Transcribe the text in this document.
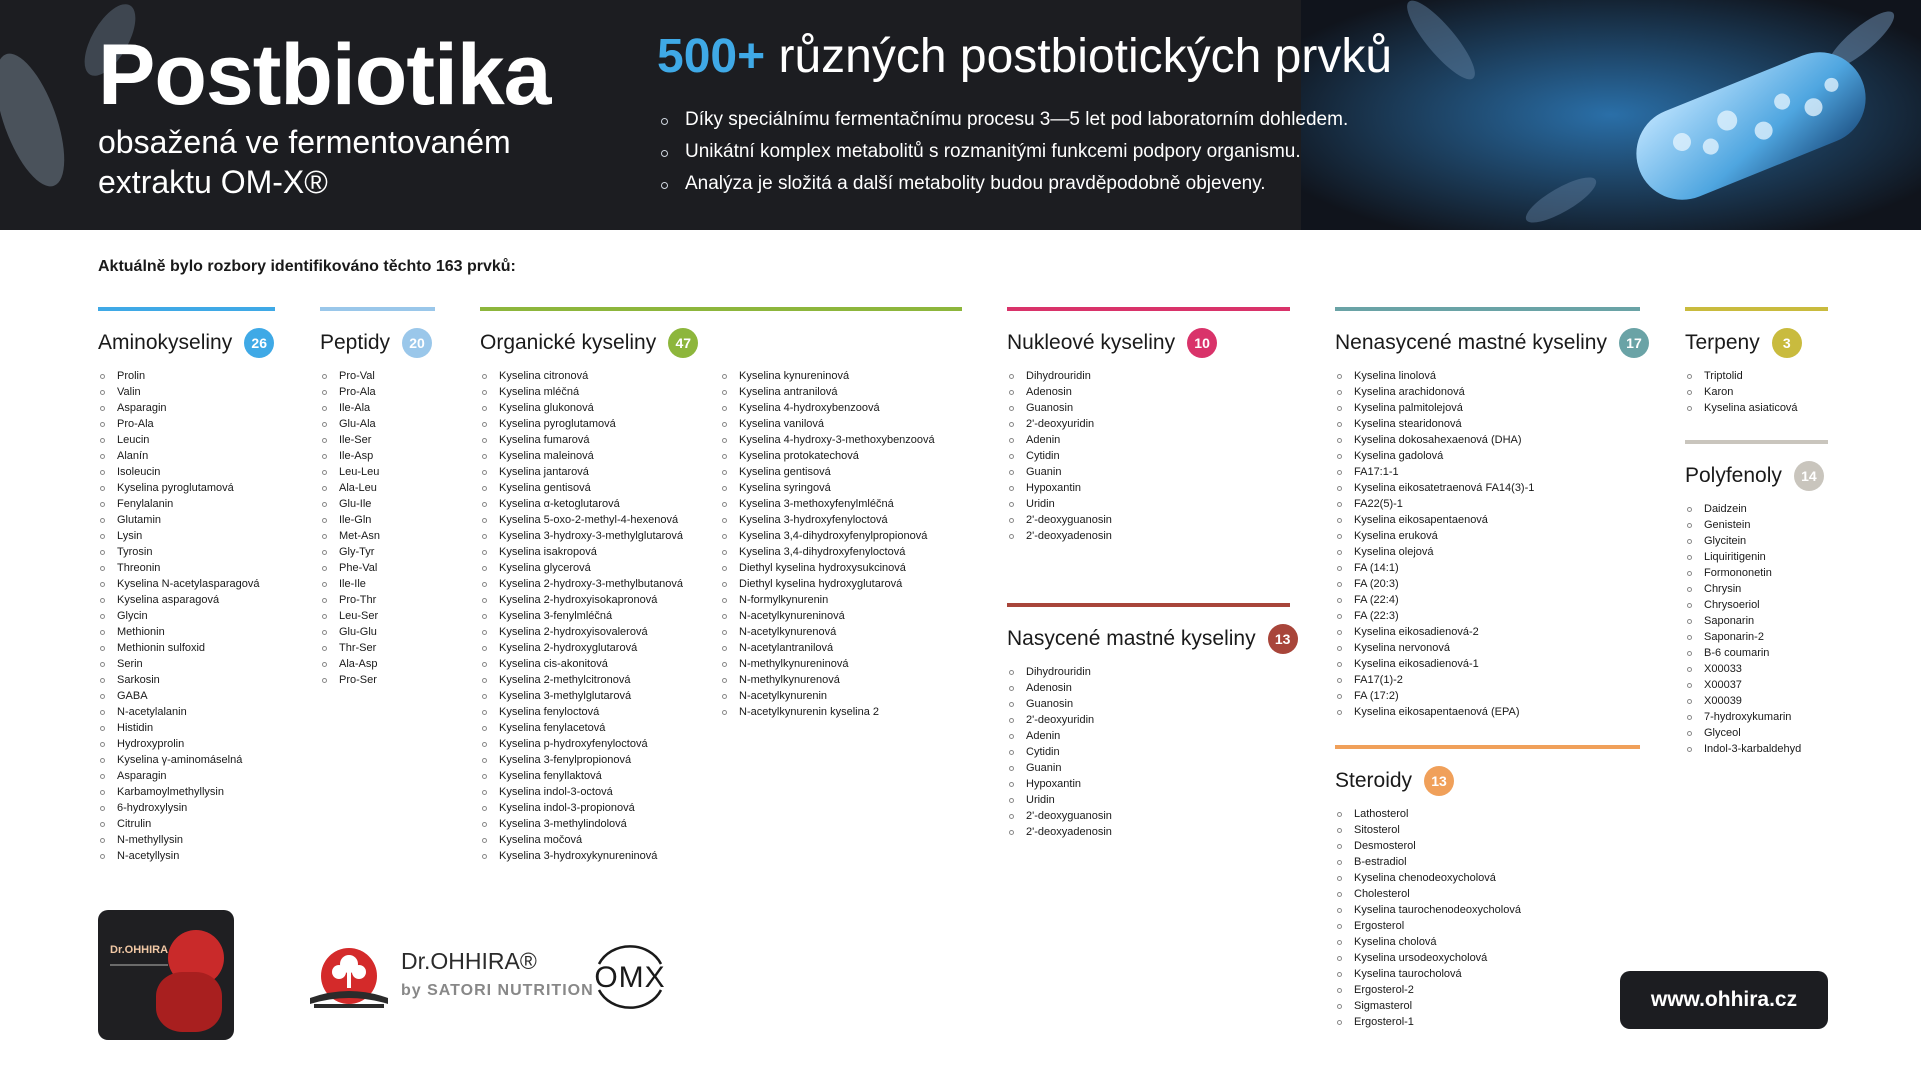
Postbiotika
obsažená ve fermentovaném extraktu OM-X®
500+ různých postbiotických prvků
Díky speciálnímu fermentačnímu procesu 3—5 let pod laboratorním dohledem.
Unikátní komplex metabolitů s rozmanitými funkcemi podpory organismu.
Analýza je složitá a další metabolity budou pravděpodobně objeveny.
Aktuálně bylo rozbory identifikováno těchto 163 prvků:
Aminokyseliny	26
Prolin
Valin
Asparagin
Pro-Ala
Leucin
Alanín
Isoleucin
Kyselina pyroglutamová
Fenylalanin
Glutamin
Lysin
Tyrosin
Threonin
Kyselina N-acetylasparagová
Kyselina asparagová
Glycin
Methionin
Methionin sulfoxid
Serin
Sarkosin
GABA
N-acetylalanin
Histidin
Hydroxyprolin
Kyselina γ-aminomáselná
Asparagin
Karbamoylmethyllysin
6-hydroxylysin
Citrulin
N-methyllysin
N-acetyllysin
Peptidy	20
Pro-Val
Pro-Ala
Ile-Ala
Glu-Ala
Ile-Ser
Ile-Asp
Leu-Leu
Ala-Leu
Glu-Ile
Ile-Gln
Met-Asn
Gly-Tyr
Phe-Val
Ile-Ile
Pro-Thr
Leu-Ser
Glu-Glu
Thr-Ser
Ala-Asp
Pro-Ser
Organické kyseliny	47
Kyselina citronová
Kyselina mléčná
Kyselina glukonová
Kyselina pyroglutamová
Kyselina fumarová
Kyselina maleinová
Kyselina jantarová
Kyselina gentisová
Kyselina α-ketoglutarová
Kyselina 5-oxo-2-methyl-4-hexenová
Kyselina 3-hydroxy-3-methylglutarová
Kyselina isakropová
Kyselina glycerová
Kyselina 2-hydroxy-3-methylbutanová
Kyselina 2-hydroxyisokapronová
Kyselina 3-fenylmléčná
Kyselina 2-hydroxyisovalerová
Kyselina 2-hydroxyglutarová
Kyselina cis-akonitová
Kyselina 2-methylcitronová
Kyselina 3-methylglutarová
Kyselina fenyloctová
Kyselina fenylacetová
Kyselina p-hydroxyfenyloctová
Kyselina 3-fenylpropionová
Kyselina fenyllaktová
Kyselina indol-3-octová
Kyselina indol-3-propionová
Kyselina 3-methylindolová
Kyselina močová
Kyselina 3-hydroxykynureninová
Kyselina kynureninová
Kyselina antranilová
Kyselina 4-hydroxybenzoová
Kyselina vanilová
Kyselina 4-hydroxy-3-methoxybenzoová
Kyselina protokatechová
Kyselina gentisová
Kyselina syringová
Kyselina 3-methoxyfenylmléčná
Kyselina 3-hydroxyfenyloctová
Kyselina 3,4-dihydroxyfenylpropionová
Kyselina 3,4-dihydroxyfenyloctová
Diethyl kyselina hydroxysukcinová
Diethyl kyselina hydroxyglutarová
N-formylkynurenin
N-acetylkynureninová
N-acetylkynurenová
N-acetylantranilová
N-methylkynureninová
N-methylkynurenová
N-acetylkynurenin
N-acetylkynurenin kyselina 2
Nukleové kyseliny	10
Dihydrouridin
Adenosin
Guanosin
2'-deoxyuridin
Adenin
Cytidin
Guanin
Hypoxantin
Uridin
2'-deoxyguanosin
2'-deoxyadenosin
Nasycené mastné kyseliny	13
Dihydrouridin
Adenosin
Guanosin
2'-deoxyuridin
Adenin
Cytidin
Guanin
Hypoxantin
Uridin
2'-deoxyguanosin
2'-deoxyadenosin
Nenasycené mastné kyseliny	17
Kyselina linolová
Kyselina arachidonová
Kyselina palmitolejová
Kyselina stearidonová
Kyselina dokosahexaenová (DHA)
Kyselina gadolová
FA17:1-1
Kyselina eikosatetraenová FA14(3)-1
FA22(5)-1
Kyselina eikosapentaenová
Kyselina eruková
Kyselina olejová
FA (14:1)
FA (20:3)
FA (22:4)
FA (22:3)
Kyselina eikosadienová-2
Kyselina nervonová
Kyselina eikosadienová-1
FA17(1)-2
FA (17:2)
Kyselina eikosapentaenová (EPA)
Steroidy	13
Lathosterol
Sitosterol
Desmosterol
B-estradiol
Kyselina chenodeoxycholová
Cholesterol
Kyselina taurochenodeoxycholová
Ergosterol
Kyselina cholová
Kyselina ursodeoxycholová
Kyselina taurocholová
Ergosterol-2
Sigmasterol
Ergosterol-1
Terpeny	3
Triptolid
Karon
Kyselina asiaticová
Polyfenoly	14
Daidzein
Genistein
Glycitein
Liquiritigenin
Formononetin
Chrysin
Chrysoeriol
Saponarin
Saponarin-2
B-6 coumarin
X00033
X00037
X00039
7-hydroxykumarin
Glyceol
Indol-3-karbaldehyd
Dr.OHHIRA	Dr.OHHIRA®
by SATORI NUTRITION OMX
www.ohhira.cz
